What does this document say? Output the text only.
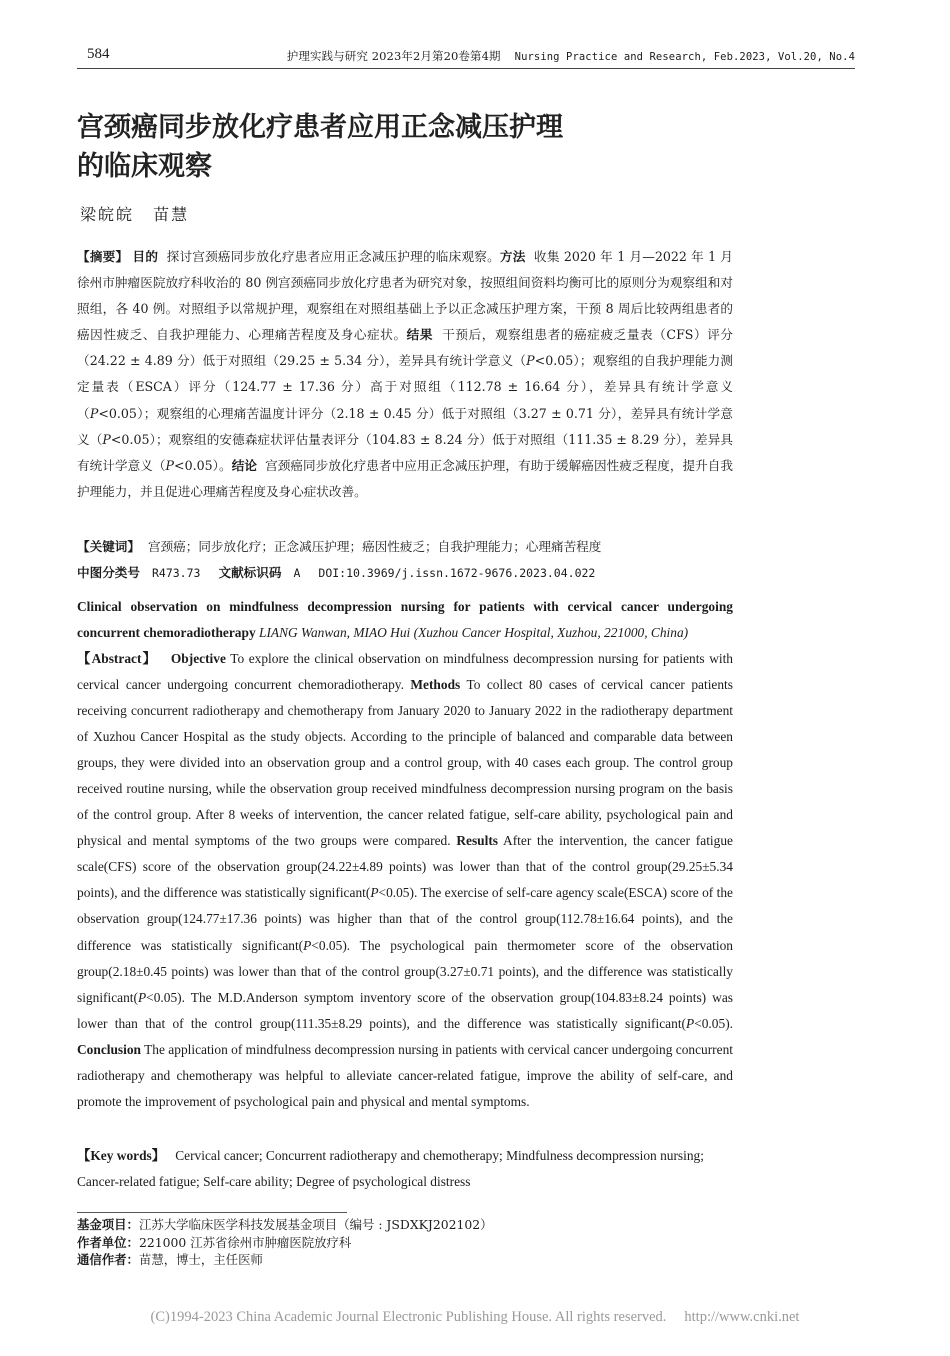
584	护理实践与研究 2023年2月第20卷第4期 Nursing Practice and Research, Feb.2023, Vol.20, No.4
宫颈癌同步放化疗患者应用正念减压护理
的临床观察
梁皖皖 苗慧
【摘要】 目的 探讨宫颈癌同步放化疗患者应用正念减压护理的临床观察。方法 收集 2020 年 1 月—2022 年 1 月徐州市肿瘤医院放疗科收治的 80 例宫颈癌同步放化疗患者为研究对象，按照组间资料均衡可比的原则分为观察组和对照组，各 40 例。对照组予以常规护理，观察组在对照组基础上予以正念减压护理方案，干预 8 周后比较两组患者的癌因性疲乏、自我护理能力、心理痛苦程度及身心症状。结果 干预后，观察组患者的癌症疲乏量表（CFS）评分（24.22 ± 4.89 分）低于对照组（29.25 ± 5.34 分），差异具有统计学意义（P<0.05）；观察组的自我护理能力测定量表（ESCA）评分（124.77 ± 17.36 分）高于对照组（112.78 ± 16.64 分），差异具有统计学意义（P<0.05）；观察组的心理痛苦温度计评分（2.18 ± 0.45 分）低于对照组（3.27 ± 0.71 分），差异具有统计学意义（P<0.05）；观察组的安德森症状评估量表评分（104.83 ± 8.24 分）低于对照组（111.35 ± 8.29 分），差异具有统计学意义（P<0.05）。结论 宫颈癌同步放化疗患者中应用正念减压护理，有助于缓解癌因性疲乏程度，提升自我护理能力，并且促进心理痛苦程度及身心症状改善。
【关键词】 宫颈癌；同步放化疗；正念减压护理；癌因性疲乏；自我护理能力；心理痛苦程度
中图分类号 R473.73 文献标识码 A DOI:10.3969/j.issn.1672-9676.2023.04.022
Clinical observation on mindfulness decompression nursing for patients with cervical cancer undergoing concurrent chemoradiotherapy LIANG Wanwan, MIAO Hui (Xuzhou Cancer Hospital, Xuzhou, 221000, China)
【Abstract】 Objective To explore the clinical observation on mindfulness decompression nursing for patients with cervical cancer undergoing concurrent chemoradiotherapy. Methods To collect 80 cases of cervical cancer patients receiving concurrent radiotherapy and chemotherapy from January 2020 to January 2022 in the radiotherapy department of Xuzhou Cancer Hospital as the study objects. According to the principle of balanced and comparable data between groups, they were divided into an observation group and a control group, with 40 cases each group. The control group received routine nursing, while the observation group received mindfulness decompression nursing program on the basis of the control group. After 8 weeks of intervention, the cancer related fatigue, self-care ability, psychological pain and physical and mental symptoms of the two groups were compared. Results After the intervention, the cancer fatigue scale(CFS) score of the observation group(24.22±4.89 points) was lower than that of the control group(29.25±5.34 points), and the difference was statistically significant(P<0.05). The exercise of self-care agency scale(ESCA) score of the observation group(124.77±17.36 points) was higher than that of the control group(112.78±16.64 points), and the difference was statistically significant(P<0.05). The psychological pain thermometer score of the observation group(2.18±0.45 points) was lower than that of the control group(3.27±0.71 points), and the difference was statistically significant(P<0.05). The M.D.Anderson symptom inventory score of the observation group(104.83±8.24 points) was lower than that of the control group(111.35±8.29 points), and the difference was statistically significant(P<0.05). Conclusion The application of mindfulness decompression nursing in patients with cervical cancer undergoing concurrent radiotherapy and chemotherapy was helpful to alleviate cancer-related fatigue, improve the ability of self-care, and promote the improvement of psychological pain and physical and mental symptoms.
【Key words】 Cervical cancer; Concurrent radiotherapy and chemotherapy; Mindfulness decompression nursing; Cancer-related fatigue; Self-care ability; Degree of psychological distress
基金项目：江苏大学临床医学科技发展基金项目（编号 : JSDXKJ202102）
作者单位：221000 江苏省徐州市肿瘤医院放疗科
通信作者：苗慧，博士，主任医师
(C)1994-2023 China Academic Journal Electronic Publishing House. All rights reserved. http://www.cnki.net
